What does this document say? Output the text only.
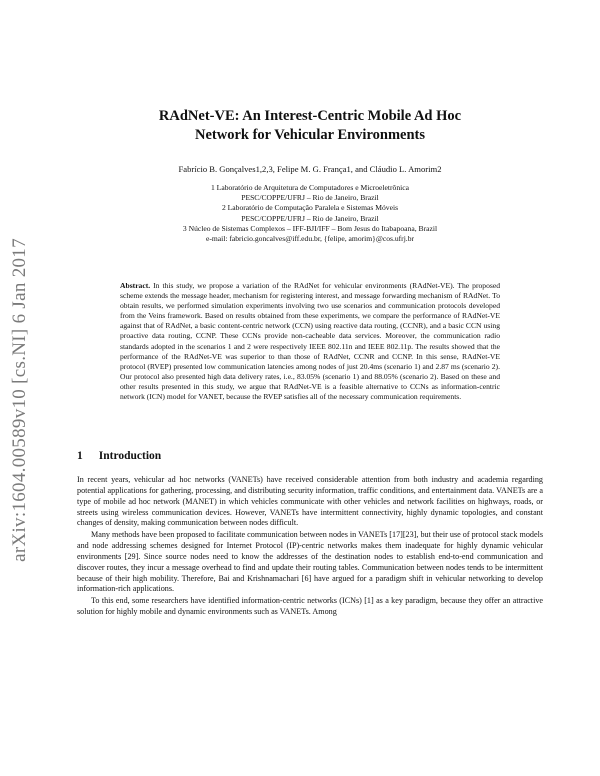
arXiv:1604.00589v10 [cs.NI] 6 Jan 2017
RAdNet-VE: An Interest-Centric Mobile Ad Hoc Network for Vehicular Environments
Fabrício B. Gonçalves1,2,3, Felipe M. G. França1, and Cláudio L. Amorim2
1 Laboratório de Arquitetura de Computadores e Microeletrônica
PESC/COPPE/UFRJ – Rio de Janeiro, Brazil
2 Laboratório de Computação Paralela e Sistemas Móveis
PESC/COPPE/UFRJ – Rio de Janeiro, Brazil
3 Núcleo de Sistemas Complexos – IFF-BJI/IFF – Bom Jesus do Itabapoana, Brazil
e-mail: fabricio.goncalves@iff.edu.br, {felipe, amorim}@cos.ufrj.br

Abstract. In this study, we propose a variation of the RAdNet for vehicular environments (RAdNet-VE). The proposed scheme extends the message header, mechanism for registering interest, and message forwarding mechanism of RAdNet. To obtain results, we performed simulation experiments involving two use scenarios and communication protocols developed from the Veins framework. Based on results obtained from these experiments, we compare the performance of RAdNet-VE against that of RAdNet, a basic content-centric network (CCN) using reactive data routing, (CCNR), and a basic CCN using proactive data routing, CCNP. These CCNs provide non-cacheable data services. Moreover, the communication radio standards adopted in the scenarios 1 and 2 were respectively IEEE 802.11n and IEEE 802.11p. The results showed that the performance of the RAdNet-VE was superior to than those of RAdNet, CCNR and CCNP. In this sense, RAdNet-VE protocol (RVEP) presented low communication latencies among nodes of just 20.4ms (scenario 1) and 2.87 ms (scenario 2). Our protocol also presented high data delivery rates, i.e., 83.05% (scenario 1) and 88.05% (scenario 2). Based on these and other results presented in this study, we argue that RAdNet-VE is a feasible alternative to CCNs as information-centric network (ICN) model for VANET, because the RVEP satisfies all of the necessary communication requirements.

1 Introduction

In recent years, vehicular ad hoc networks (VANETs) have received considerable attention from both industry and academia regarding potential applications for gathering, processing, and distributing security information, traffic conditions, and entertainment data. VANETs are a type of mobile ad hoc network (MANET) in which vehicles communicate with other vehicles and network facilities on highways, roads, or streets using wireless communication devices. However, VANETs have intermittent connectivity, highly dynamic topologies, and constant changes of density, making communication between nodes difficult.

Many methods have been proposed to facilitate communication between nodes in VANETs [17][23], but their use of protocol stack models and node addressing schemes designed for Internet Protocol (IP)-centric networks makes them inadequate for highly dynamic vehicular environments [29]. Since source nodes need to know the addresses of the destination nodes to establish end-to-end communication and discover routes, they incur a message overhead to find and update their routing tables. Communication between nodes tends to be intermittent because of their high mobility. Therefore, Bai and Krishnamachari [6] have argued for a paradigm shift in vehicular networking to develop information-rich applications.

To this end, some researchers have identified information-centric networks (ICNs) [1] as a key paradigm, because they offer an attractive solution for highly mobile and dynamic environments such as VANETs. Among
